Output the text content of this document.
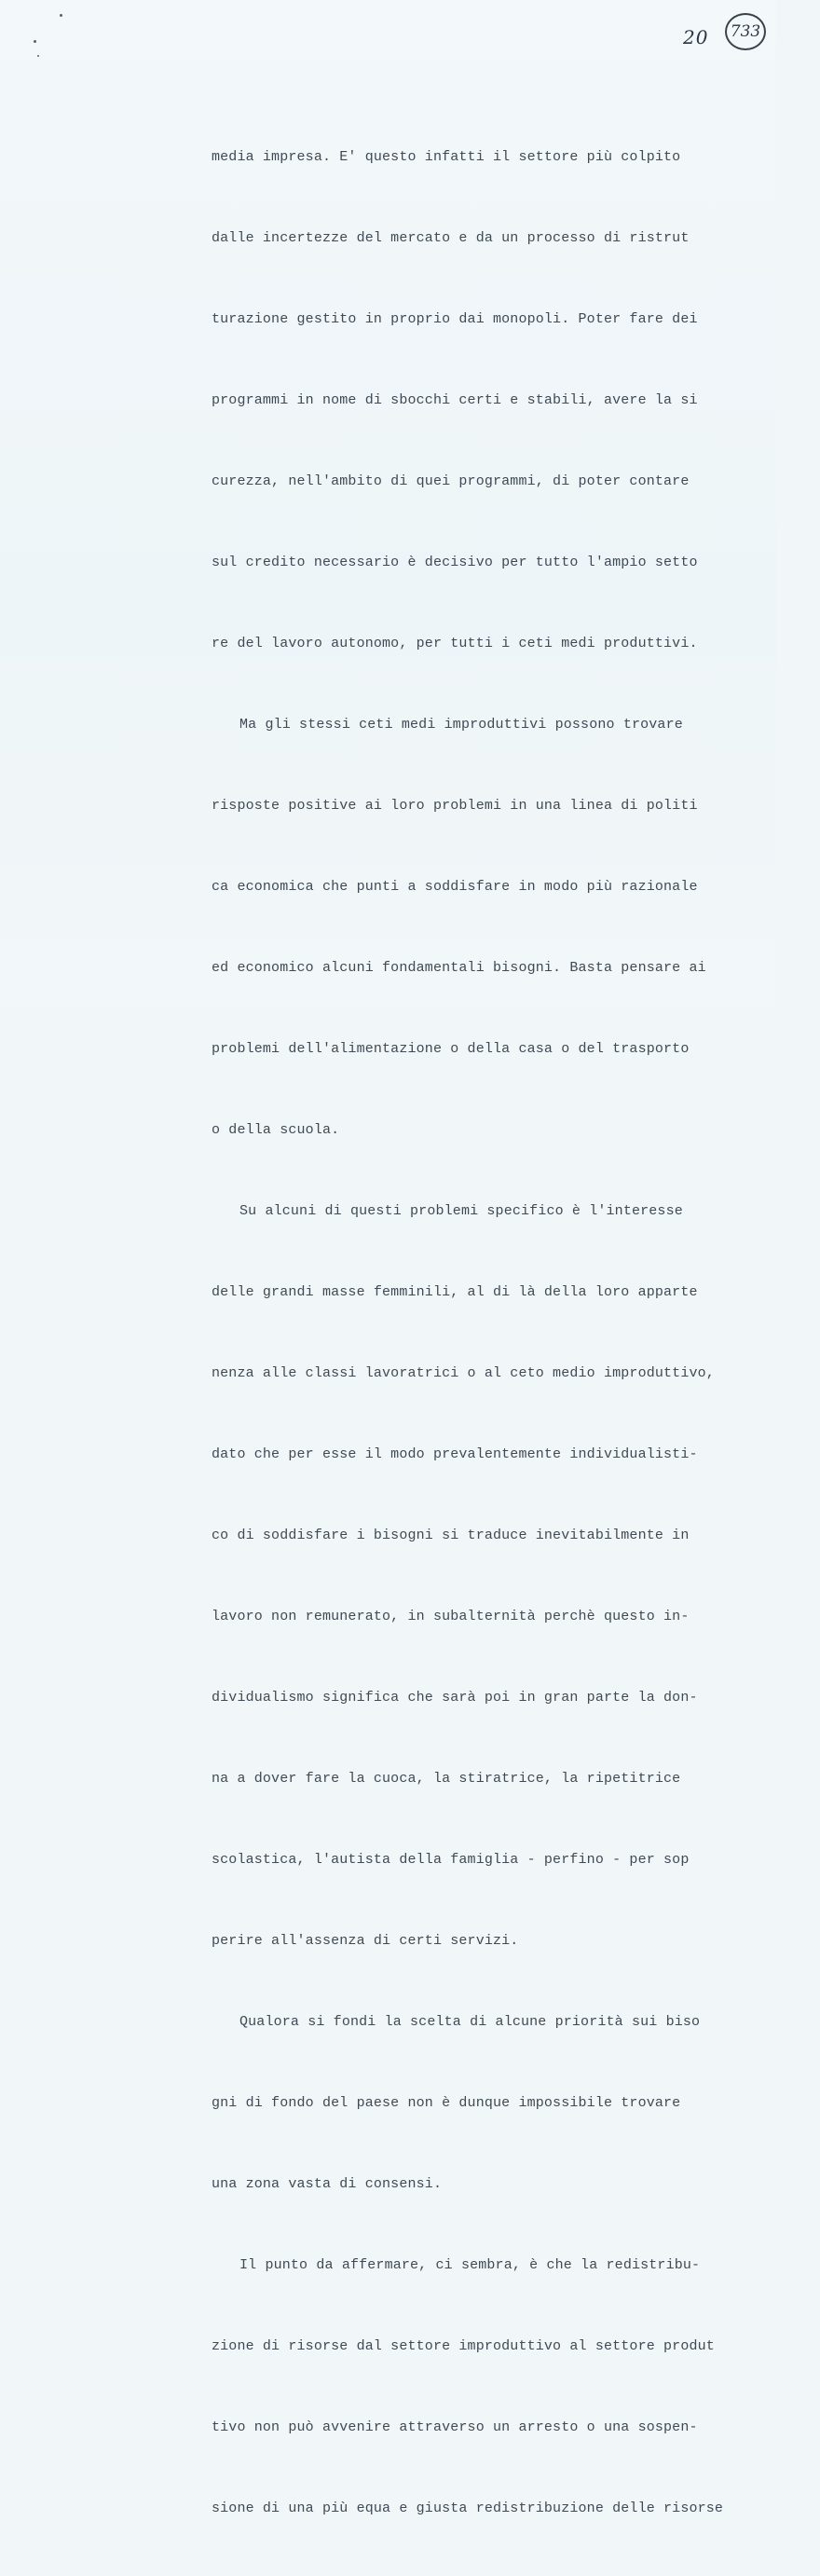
20 733

media impresa. E' questo infatti il settore più colpito

dalle incertezze del mercato e da un processo di ristrut

turazione gestito in proprio dai monopoli. Poter fare dei

programmi in nome di sbocchi certi e stabili, avere la si

curezza, nell'ambito di quei programmi, di poter contare

sul credito necessario è decisivo per tutto l'ampio setto

re del lavoro autonomo, per tutti i ceti medi produttivi.

Ma gli stessi ceti medi improduttivi possono trovare

risposte positive ai loro problemi in una linea di politi

ca economica che punti a soddisfare in modo più razionale

ed economico alcuni fondamentali bisogni. Basta pensare ai

problemi dell'alimentazione o della casa o del trasporto

o della scuola.

Su alcuni di questi problemi specifico è l'interesse

delle grandi masse femminili, al di là della loro apparte

nenza alle classi lavoratrici o al ceto medio improduttivo,

dato che per esse il modo prevalentemente individualisti-

co di soddisfare i bisogni si traduce inevitabilmente in

lavoro non remunerato, in subalternità perchè questo in-

dividualismo significa che sarà poi in gran parte la don-

na a dover fare la cuoca, la stiratrice, la ripetitrice

scolastica, l'autista della famiglia - perfino - per sop

perire all'assenza di certi servizi.

Qualora si fondi la scelta di alcune priorità sui biso

gni di fondo del paese non è dunque impossibile trovare

una zona vasta di consensi.

Il punto da affermare, ci sembra, è che la redistribu-

zione di risorse dal settore improduttivo al settore produt

tivo non può avvenire attraverso un arresto o una sospen-

sione di una più equa e giusta redistribuzione delle risorse
